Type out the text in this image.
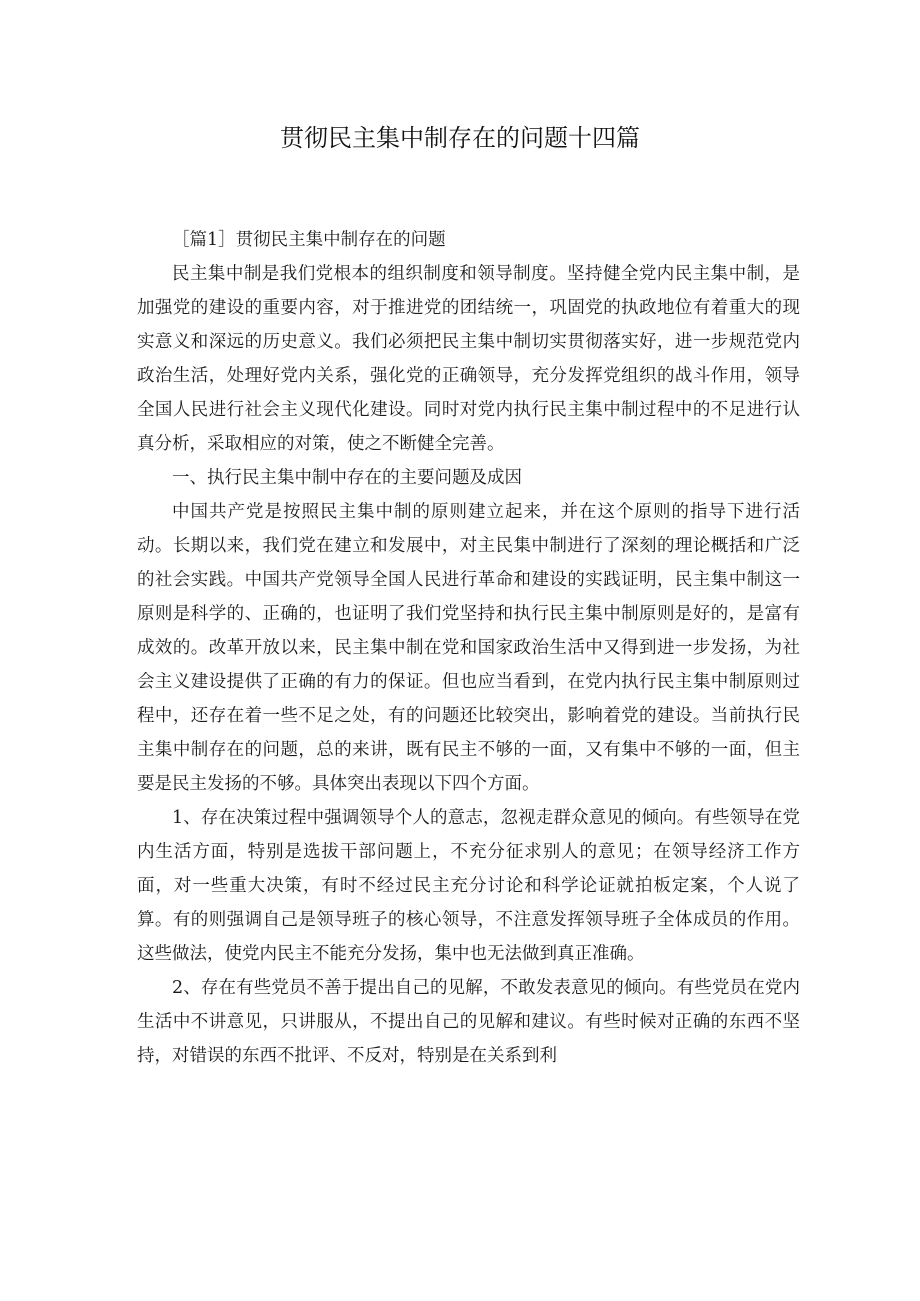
贯彻民主集中制存在的问题十四篇

［篇1］贯彻民主集中制存在的问题

民主集中制是我们党根本的组织制度和领导制度。坚持健全党内民主集中制，是加强党的建设的重要内容，对于推进党的团结统一，巩固党的执政地位有着重大的现实意义和深远的历史意义。我们必须把民主集中制切实贯彻落实好，进一步规范党内政治生活，处理好党内关系，强化党的正确领导，充分发挥党组织的战斗作用，领导全国人民进行社会主义现代化建设。同时对党内执行民主集中制过程中的不足进行认真分析，采取相应的对策，使之不断健全完善。

一、执行民主集中制中存在的主要问题及成因

中国共产党是按照民主集中制的原则建立起来，并在这个原则的指导下进行活动。长期以来，我们党在建立和发展中，对主民集中制进行了深刻的理论概括和广泛的社会实践。中国共产党领导全国人民进行革命和建设的实践证明，民主集中制这一原则是科学的、正确的，也证明了我们党坚持和执行民主集中制原则是好的，是富有成效的。改革开放以来，民主集中制在党和国家政治生活中又得到进一步发扬，为社会主义建设提供了正确的有力的保证。但也应当看到，在党内执行民主集中制原则过程中，还存在着一些不足之处，有的问题还比较突出，影响着党的建设。当前执行民主集中制存在的问题，总的来讲，既有民主不够的一面，又有集中不够的一面，但主要是民主发扬的不够。具体突出表现以下四个方面。

1、存在决策过程中强调领导个人的意志，忽视走群众意见的倾向。有些领导在党内生活方面，特别是选拔干部问题上，不充分征求别人的意见；在领导经济工作方面，对一些重大决策，有时不经过民主充分讨论和科学论证就拍板定案，个人说了算。有的则强调自己是领导班子的核心领导，不注意发挥领导班子全体成员的作用。这些做法，使党内民主不能充分发扬，集中也无法做到真正准确。

2、存在有些党员不善于提出自己的见解，不敢发表意见的倾向。有些党员在党内生活中不讲意见，只讲服从，不提出自己的见解和建议。有些时候对正确的东西不坚持，对错误的东西不批评、不反对，特别是在关系到利
